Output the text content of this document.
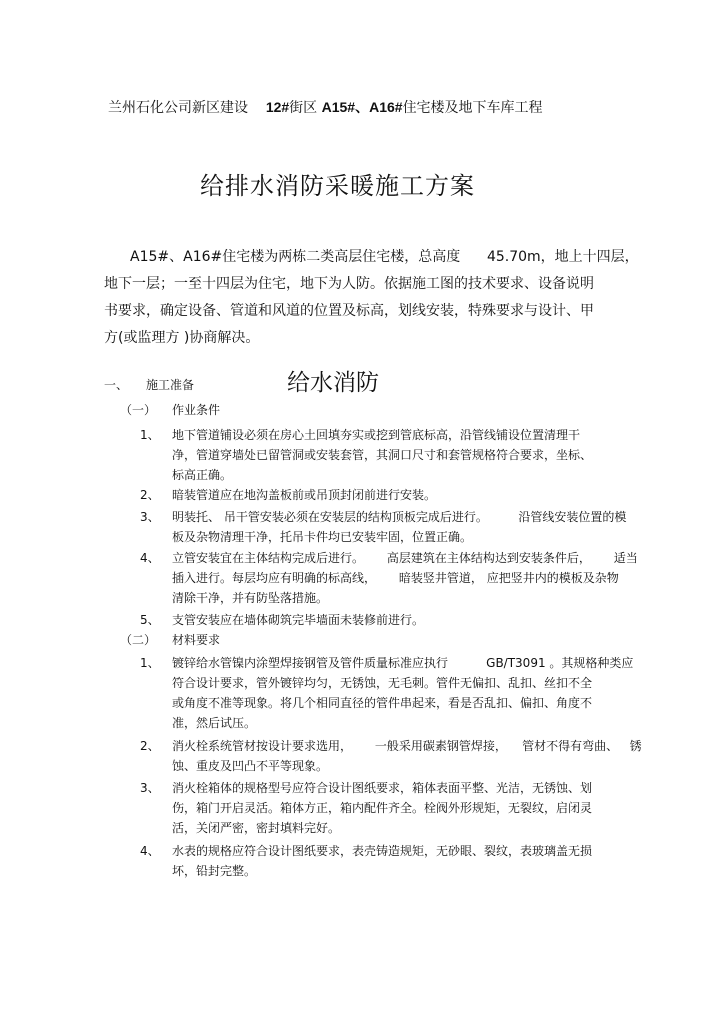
兰州石化公司新区建设 12#街区 A15#、A16#住宅楼及地下车库工程
给排水消防采暖施工方案
A15#、A16#住宅楼为两栋二类高层住宅楼，总高度      45.70m，地上十四层，
地下一层；一至十四层为住宅，地下为人防。依据施工图的技术要求、设备说明
书要求，确定设备、管道和风道的位置及标高，划线安装，特殊要求与设计、甲
方(或监理方 )协商解决。
一、 施工准备	给水消防
（一） 作业条件
1、 地下管道铺设必须在房心土回填夯实或挖到管底标高，沿管线铺设位置清理干
净，管道穿墙处已留管洞或安装套管，其洞口尺寸和套管规格符合要求，坐标、
标高正确。
2、 暗装管道应在地沟盖板前或吊顶封闭前进行安装。
3、 明装托、 吊干管安装必须在安装层的结构顶板完成后进行。        沿管线安装位置的模
板及杂物清理干净，托吊卡件均已安装牢固，位置正确。
4、 立管安装宜在主体结构完成后进行。      高层建筑在主体结构达到安装条件后，      适当
插入进行。每层均应有明确的标高线，      暗装竖井管道， 应把竖井内的模板及杂物
清除干净，并有防坠落措施。
5、 支管安装应在墙体砌筑完毕墙面未装修前进行。
（二） 材料要求
1、 镀锌给水管镍内涂塑焊接钢管及管件质量标准应执行          GB/T3091 。其规格种类应
符合设计要求，管外镀锌均匀，无锈蚀，无毛刺。管件无偏扣、乱扣、丝扣不全
或角度不准等现象。将几个相同直径的管件串起来，看是否乱扣、偏扣、角度不
准，然后试压。
2、 消火栓系统管材按设计要求选用，      一般采用碳素钢管焊接，    管材不得有弯曲、   锈
蚀、重皮及凹凸不平等现象。
3、 消火栓箱体的规格型号应符合设计图纸要求，箱体表面平整、光洁，无锈蚀、划
伤，箱门开启灵活。箱体方正，箱内配件齐全。栓阀外形规矩，无裂纹，启闭灵
活，关闭严密，密封填料完好。
4、 水表的规格应符合设计图纸要求，表壳铸造规矩，无砂眼、裂纹，表玻璃盖无损
坏，铅封完整。
